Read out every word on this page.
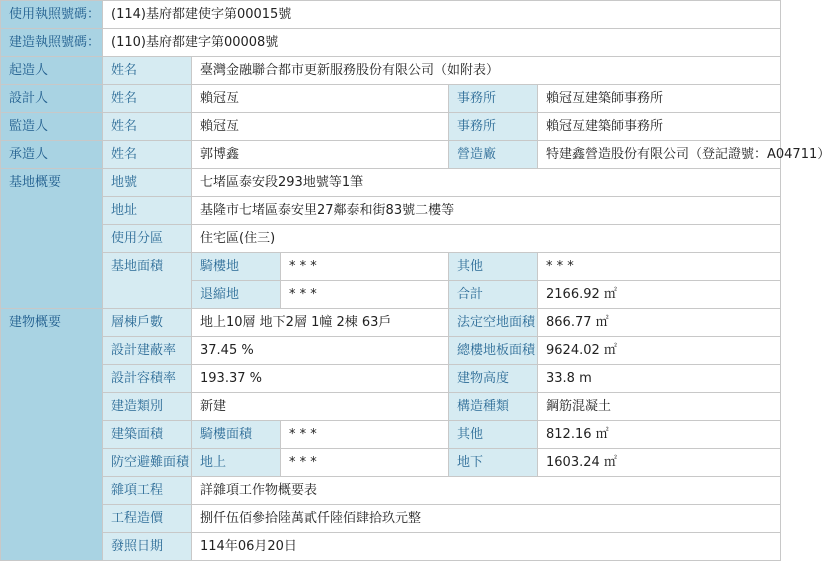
使用執照號碼：	(114)基府都建使字第00015號				
建造執照號碼：	(110)基府都建字第00008號				
起造人	姓名	臺灣金融聯合都市更新服務股份有限公司（如附表）			
設計人	姓名	賴冠亙		事務所	賴冠亙建築師事務所
監造人	姓名	賴冠亙		事務所	賴冠亙建築師事務所
承造人	姓名	郭博鑫		營造廠	特建鑫營造股份有限公司（登記證號：A04711）
基地概要	地號	七堵區泰安段293地號等1筆			
	地址	基隆市七堵區泰安里27鄰泰和街83號二樓等			
	使用分區	住宅區(住三)			
	基地面積	騎樓地	* * *	其他	* * *
		退縮地	* * *	合計	2166.92 ㎡
建物概要	層棟戶數	地上10層 地下2層 1幢 2棟 63戶		法定空地面積	866.77 ㎡
	設計建蔽率	37.45 %		總樓地板面積	9624.02 ㎡
	設計容積率	193.37 %		建物高度	33.8 m
	建造類別	新建		構造種類	鋼筋混凝土
	建築面積	騎樓面積	* * *	其他	812.16 ㎡
	防空避難面積	地上	* * *	地下	1603.24 ㎡
	雜項工程	詳雜項工作物概要表			
	工程造價	捌仟伍佰參拾陸萬貳仟陸佰肆拾玖元整			
	發照日期	114年06月20日			
